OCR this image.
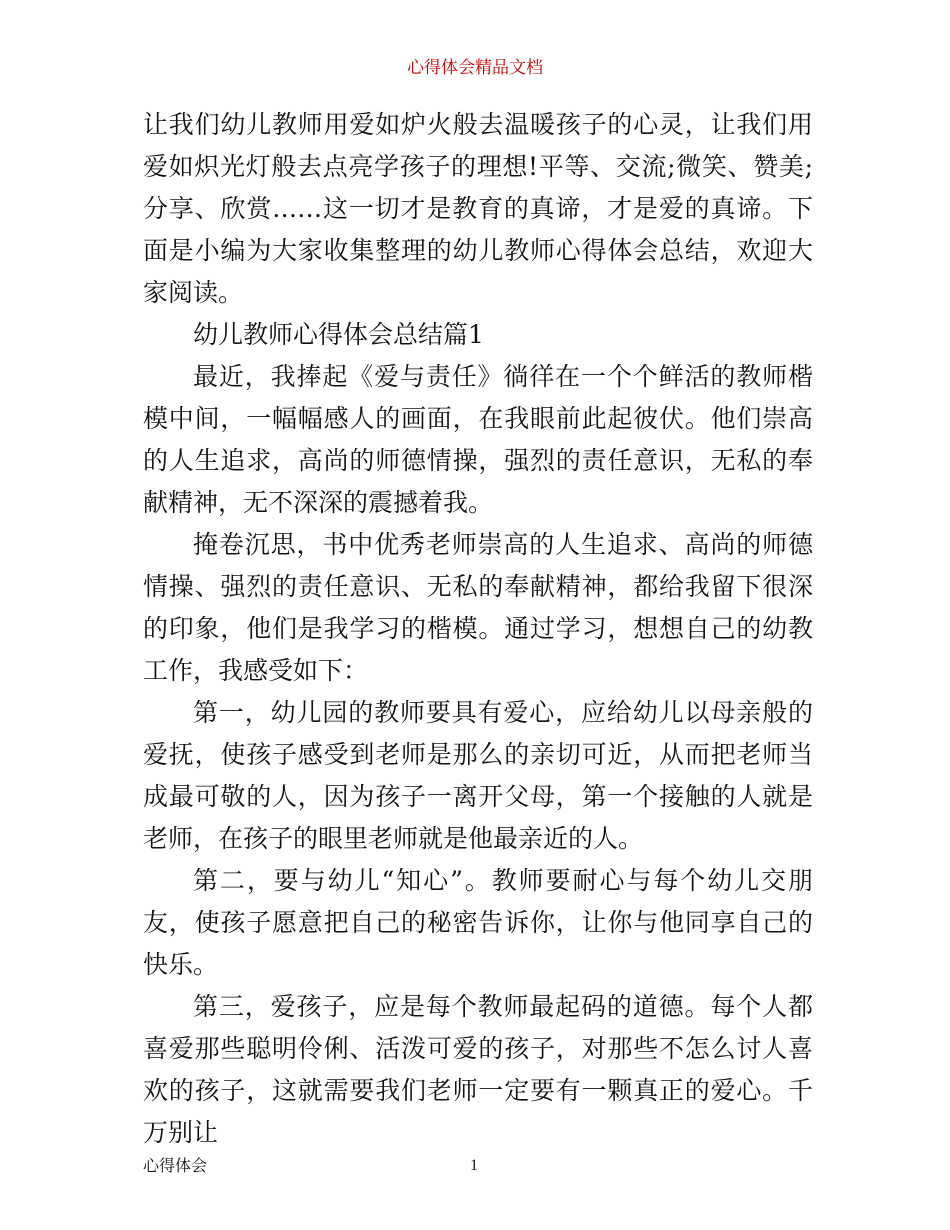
心得体会精品文档

让我们幼儿教师用爱如炉火般去温暖孩子的心灵，让我们用爱如炽光灯般去点亮学孩子的理想!平等、交流;微笑、赞美;分享、欣赏……这一切才是教育的真谛，才是爱的真谛。下面是小编为大家收集整理的幼儿教师心得体会总结，欢迎大家阅读。

幼儿教师心得体会总结篇1

最近，我捧起《爱与责任》徜徉在一个个鲜活的教师楷模中间，一幅幅感人的画面，在我眼前此起彼伏。他们崇高的人生追求，高尚的师德情操，强烈的责任意识，无私的奉献精神，无不深深的震撼着我。

掩卷沉思，书中优秀老师崇高的人生追求、高尚的师德情操、强烈的责任意识、无私的奉献精神，都给我留下很深的印象，他们是我学习的楷模。通过学习，想想自己的幼教工作，我感受如下：

第一，幼儿园的教师要具有爱心，应给幼儿以母亲般的爱抚，使孩子感受到老师是那么的亲切可近，从而把老师当成最可敬的人，因为孩子一离开父母，第一个接触的人就是老师，在孩子的眼里老师就是他最亲近的人。

第二，要与幼儿“知心”。教师要耐心与每个幼儿交朋友，使孩子愿意把自己的秘密告诉你，让你与他同享自己的快乐。

第三，爱孩子，应是每个教师最起码的道德。每个人都喜爱那些聪明伶俐、活泼可爱的孩子，对那些不怎么讨人喜欢的孩子，这就需要我们老师一定要有一颗真正的爱心。千万别让

心得体会	1
